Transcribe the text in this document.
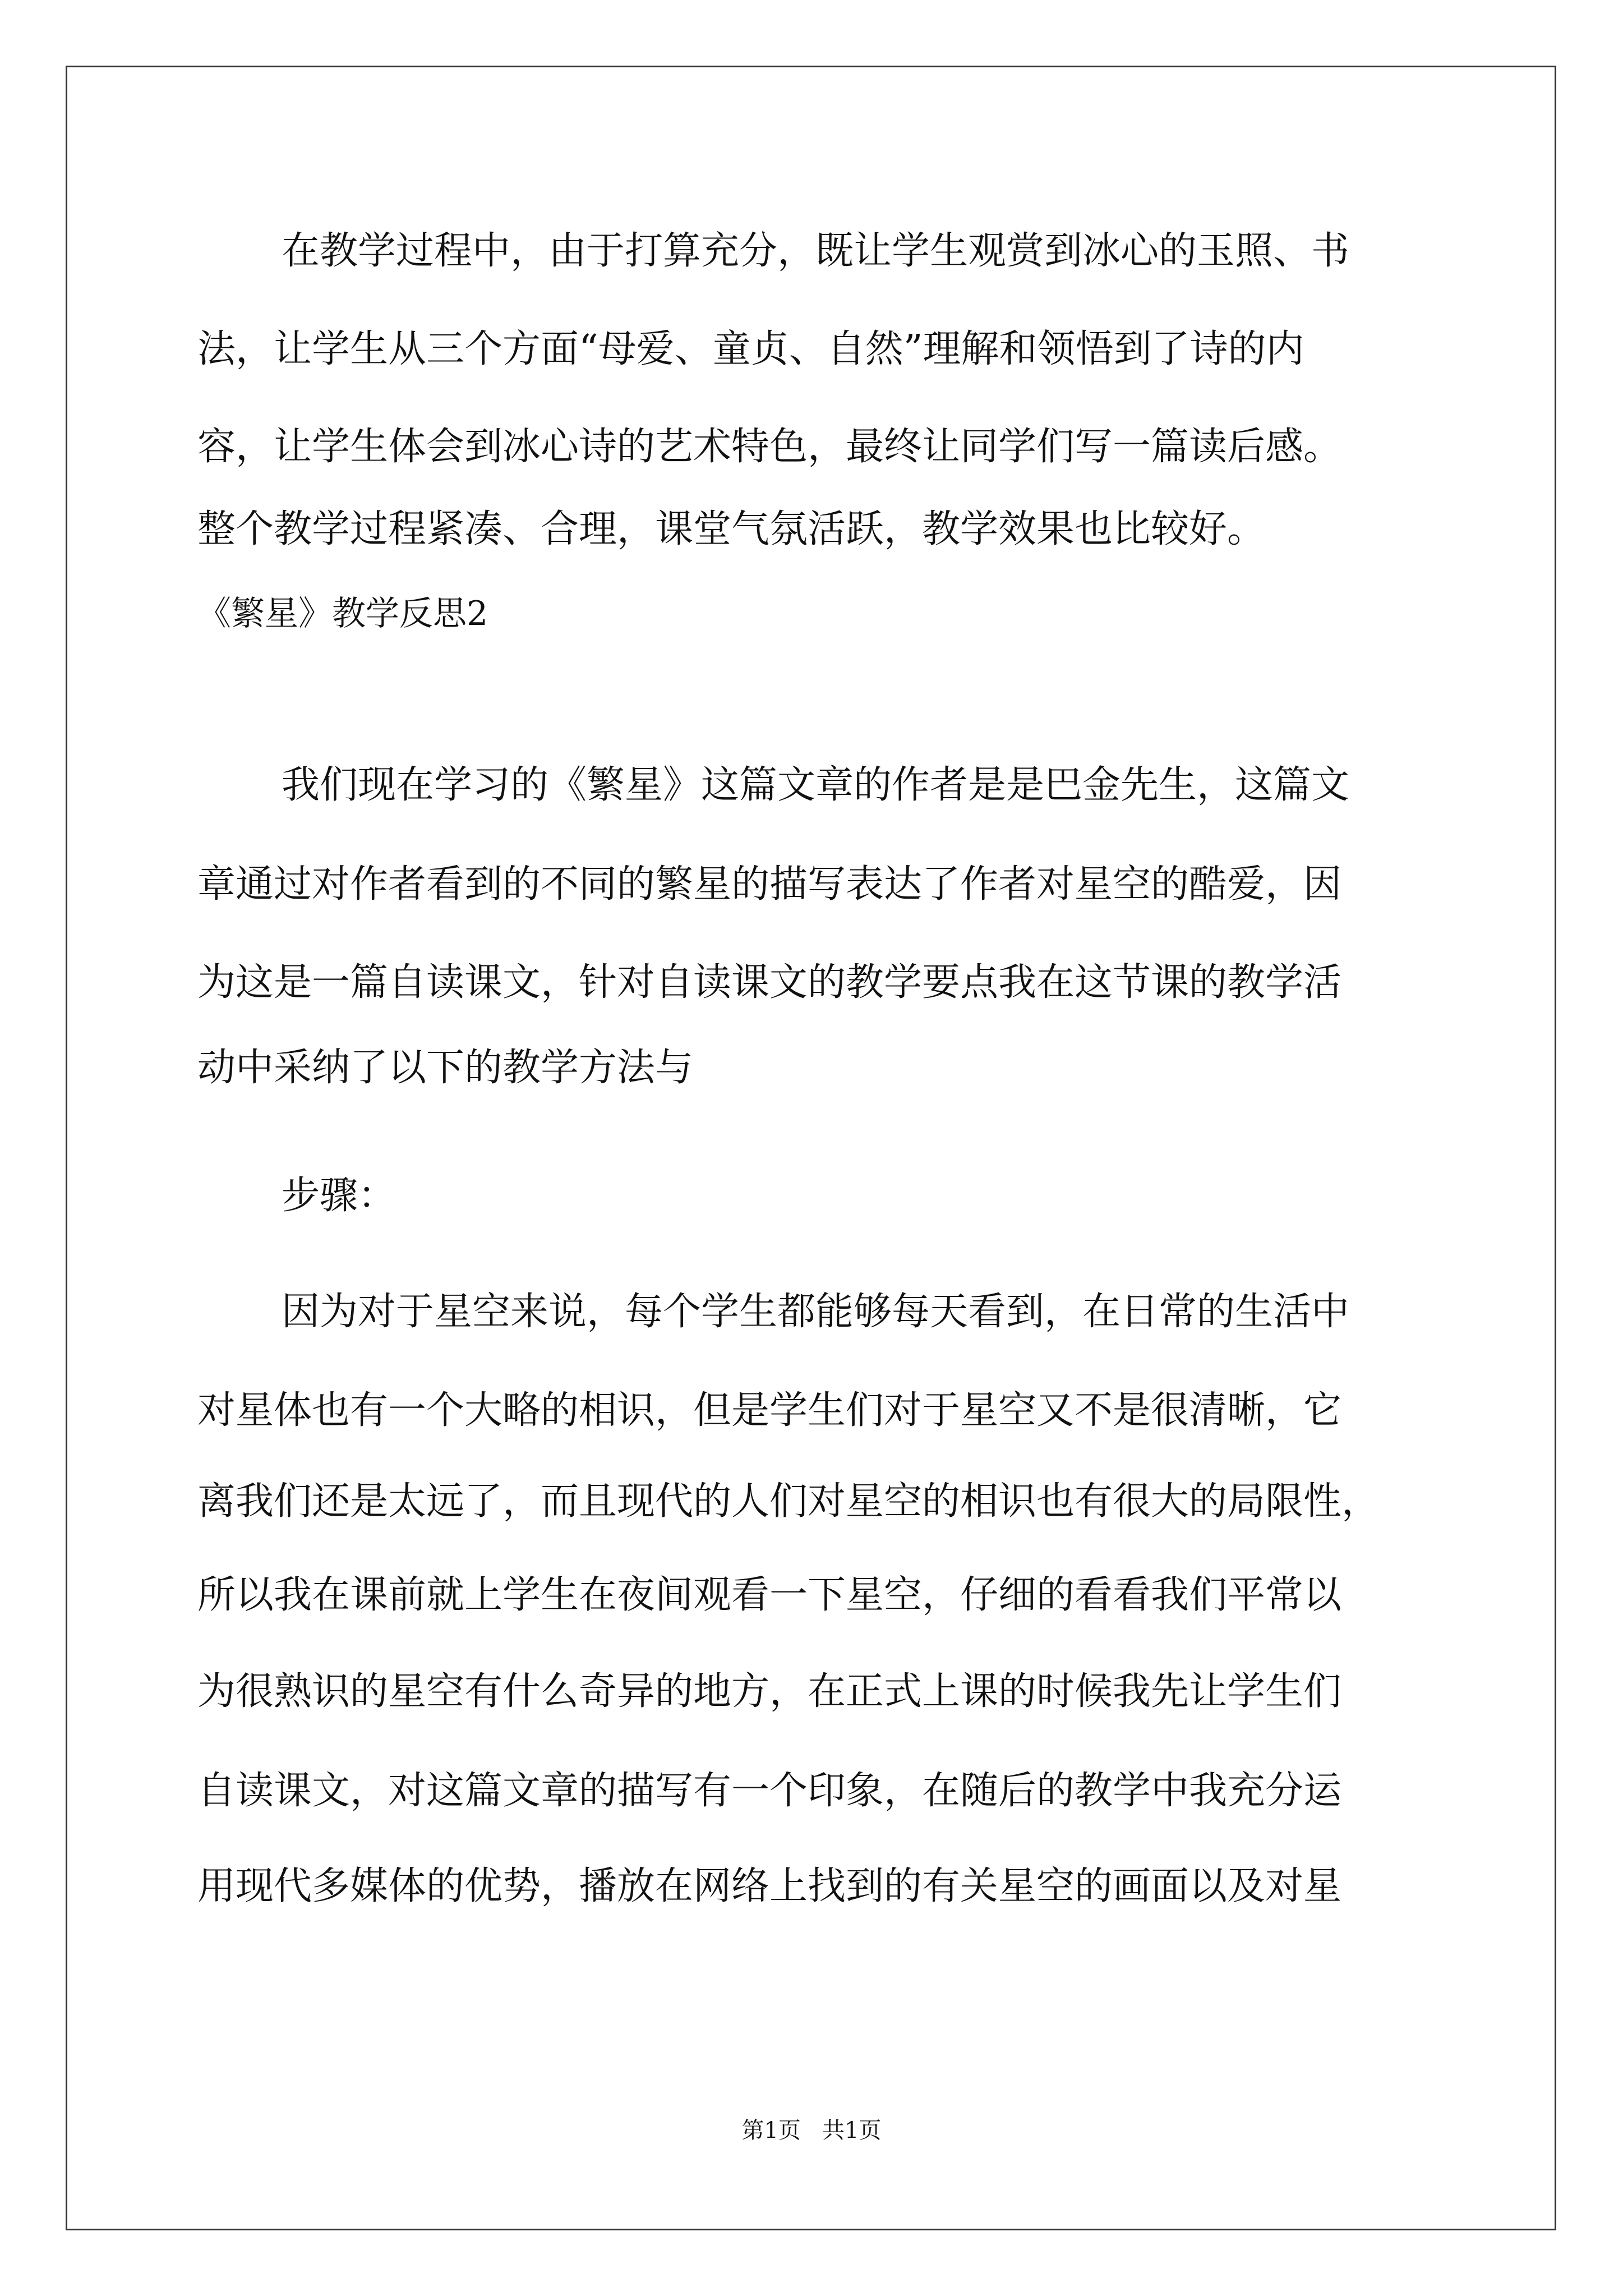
在教学过程中，由于打算充分，既让学生观赏到冰心的玉照、书
法，让学生从三个方面“母爱、童贞、自然”理解和领悟到了诗的内
容，让学生体会到冰心诗的艺术特色，最终让同学们写一篇读后感。
整个教学过程紧凑、合理，课堂气氛活跃，教学效果也比较好。
《繁星》教学反思2
我们现在学习的《繁星》这篇文章的作者是是巴金先生，这篇文
章通过对作者看到的不同的繁星的描写表达了作者对星空的酷爱，因
为这是一篇自读课文，针对自读课文的教学要点我在这节课的教学活
动中采纳了以下的教学方法与
步骤：
因为对于星空来说，每个学生都能够每天看到，在日常的生活中
对星体也有一个大略的相识，但是学生们对于星空又不是很清晰，它
离我们还是太远了，而且现代的人们对星空的相识也有很大的局限性，
所以我在课前就上学生在夜间观看一下星空，仔细的看看我们平常以
为很熟识的星空有什么奇异的地方，在正式上课的时候我先让学生们
自读课文，对这篇文章的描写有一个印象，在随后的教学中我充分运
用现代多媒体的优势，播放在网络上找到的有关星空的画面以及对星
第1页   共1页
